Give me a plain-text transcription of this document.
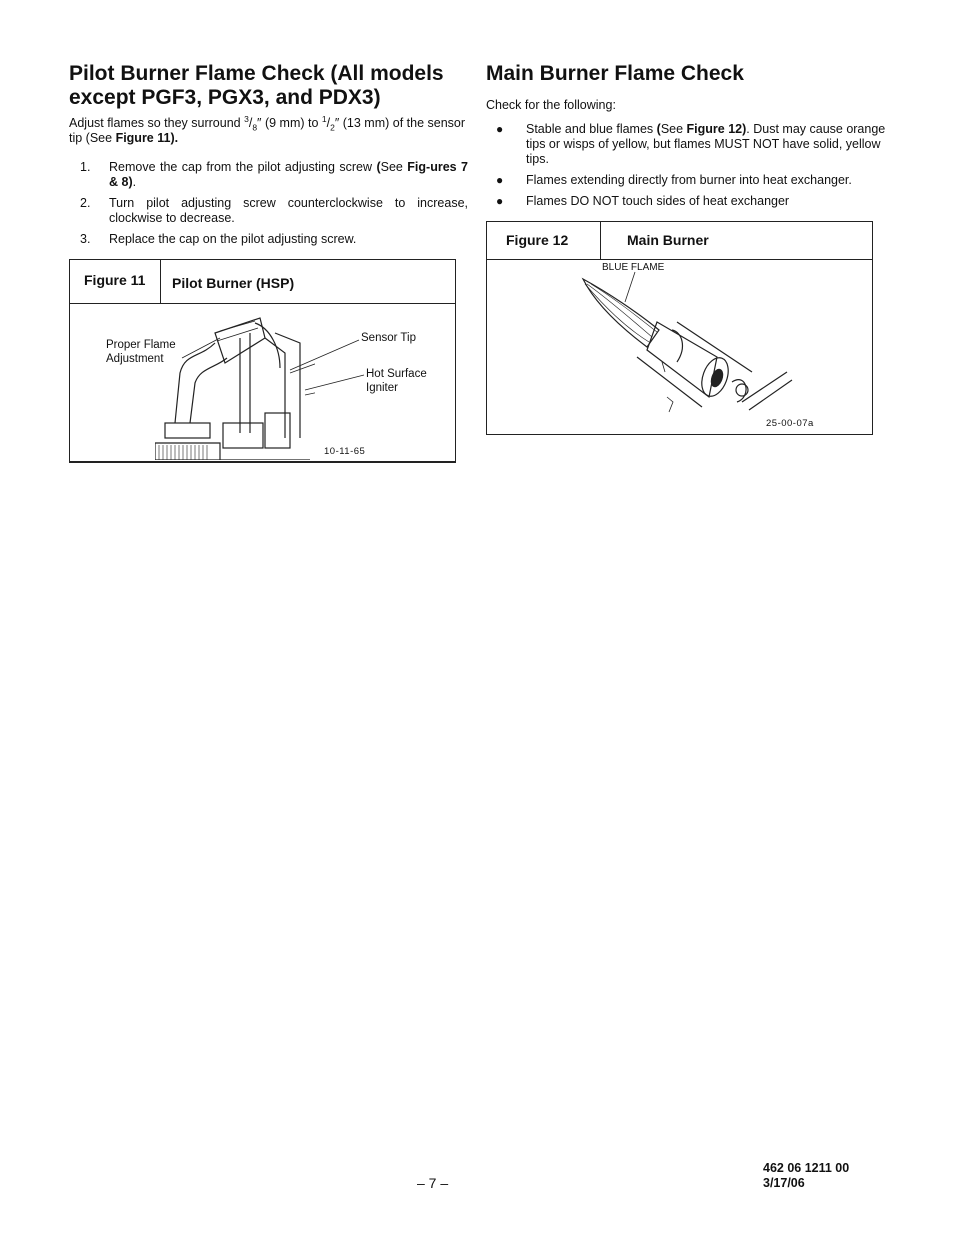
Pilot Burner Flame Check (All models except PGF3, PGX3, and PDX3)
Adjust flames so they surround $^3/_8''$ (9 mm) to $^1/_2''$ (13 mm) of the sensor tip (See Figure 11).
1. Remove the cap from the pilot adjusting screw (See Fig-ures 7 & 8).
2. Turn pilot adjusting screw counterclockwise to increase, clockwise to decrease.
3. Replace the cap on the pilot adjusting screw.
Figure 11	Pilot Burner (HSP)
Proper Flame
Adjustment
Sensor Tip
Hot Surface
Igniter
10-11-65
Main Burner Flame Check
Check for the following:
● Stable and blue flames (See Figure 12). Dust may cause orange tips or wisps of yellow, but flames MUST NOT have solid, yellow tips.
● Flames extending directly from burner into heat exchanger.
● Flames DO NOT touch sides of heat exchanger
Figure 12	Main Burner
BLUE FLAME
25-00-07a
– 7 –
462 06 1211 00
3/17/06
